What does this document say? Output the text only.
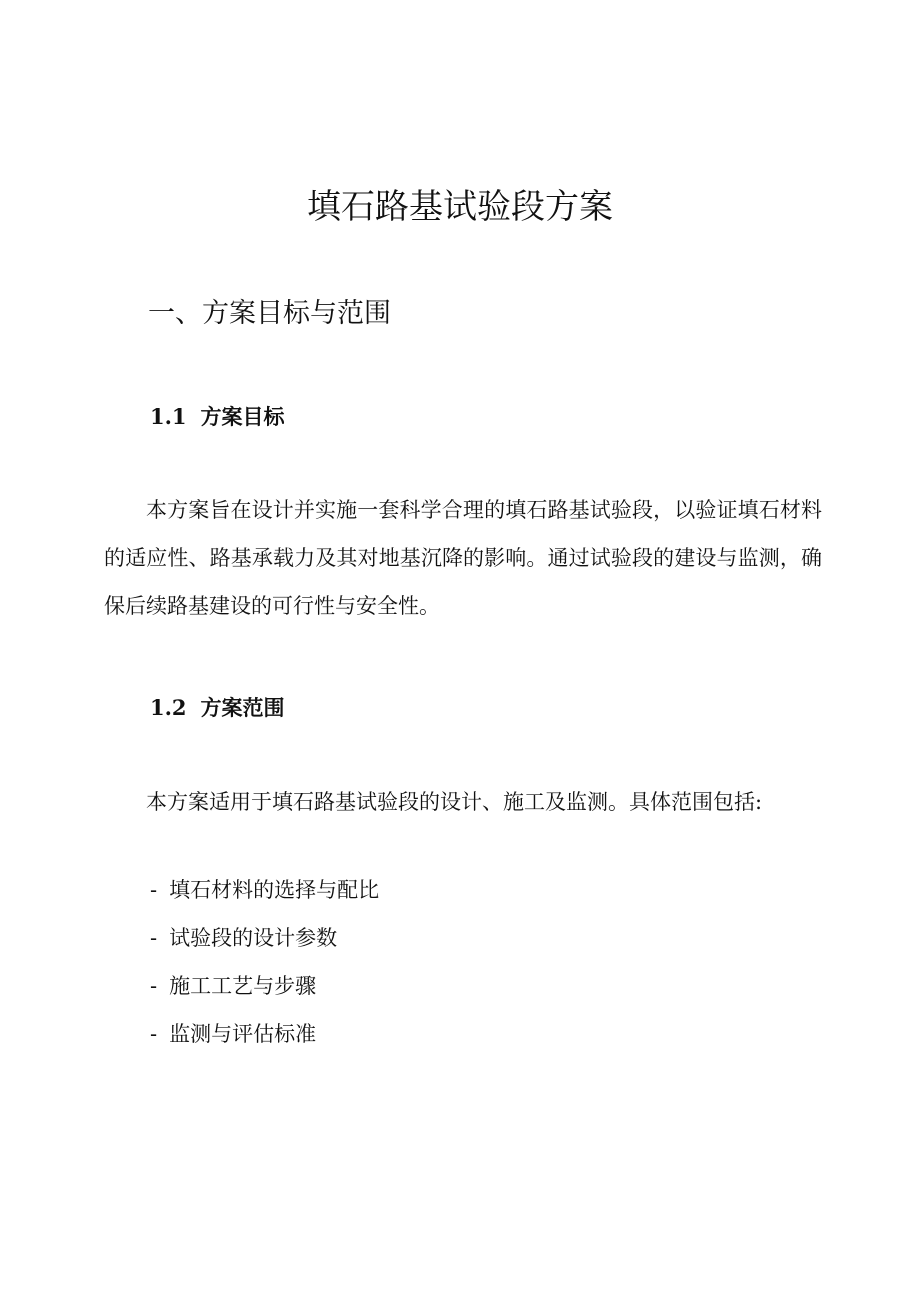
填石路基试验段方案
一、方案目标与范围
1.1 方案目标

本方案旨在设计并实施一套科学合理的填石路基试验段，以验证填石材料的适应性、路基承载力及其对地基沉降的影响。通过试验段的建设与监测，确保后续路基建设的可行性与安全性。

1.2 方案范围

本方案适用于填石路基试验段的设计、施工及监测。具体范围包括:

- 填石材料的选择与配比
- 试验段的设计参数
- 施工工艺与步骤
- 监测与评估标准
